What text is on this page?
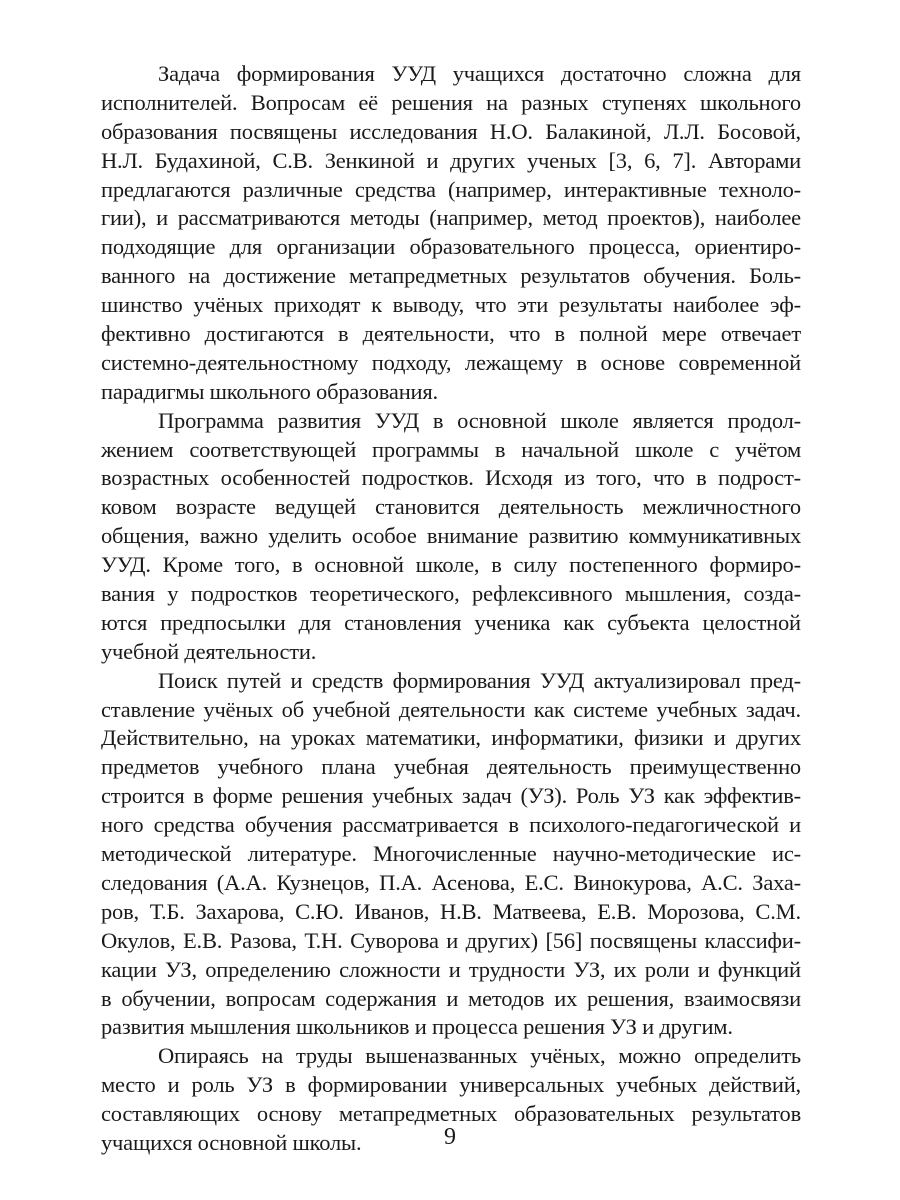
Задача формирования УУД учащихся достаточно сложна для
исполнителей. Вопросам её решения на разных ступенях школьного
образования посвящены исследования Н.О. Балакиной, Л.Л. Босовой,
Н.Л. Будахиной, С.В. Зенкиной и других ученых [3, 6, 7]. Авторами
предлагаются различные средства (например, интерактивные техноло-
гии), и рассматриваются методы (например, метод проектов), наиболее
подходящие для организации образовательного процесса, ориентиро-
ванного на достижение метапредметных результатов обучения. Боль-
шинство учёных приходят к выводу, что эти результаты наиболее эф-
фективно достигаются в деятельности, что в полной мере отвечает
системно-деятельностному подходу, лежащему в основе современной
парадигмы школьного образования.
Программа развития УУД в основной школе является продол-
жением соответствующей программы в начальной школе с учётом
возрастных особенностей подростков. Исходя из того, что в подрост-
ковом возрасте ведущей становится деятельность межличностного
общения, важно уделить особое внимание развитию коммуникативных
УУД. Кроме того, в основной школе, в силу постепенного формиро-
вания у подростков теоретического, рефлексивного мышления, созда-
ются предпосылки для становления ученика как субъекта целостной
учебной деятельности.
Поиск путей и средств формирования УУД актуализировал пред-
ставление учёных об учебной деятельности как системе учебных задач.
Действительно, на уроках математики, информатики, физики и других
предметов учебного плана учебная деятельность преимущественно
строится в форме решения учебных задач (УЗ). Роль УЗ как эффектив-
ного средства обучения рассматривается в психолого-педагогической и
методической литературе. Многочисленные научно-методические ис-
следования (А.А. Кузнецов, П.А. Асенова, Е.С. Винокурова, А.С. Заха-
ров, Т.Б. Захарова, С.Ю. Иванов, Н.В. Матвеева, Е.В. Морозова, С.М.
Окулов, Е.В. Разова, Т.Н. Суворова и других) [56] посвящены классифи-
кации УЗ, определению сложности и трудности УЗ, их роли и функций
в обучении, вопросам содержания и методов их решения, взаимосвязи
развития мышления школьников и процесса решения УЗ и другим.
Опираясь на труды вышеназванных учёных, можно определить
место и роль УЗ в формировании универсальных учебных действий,
составляющих основу метапредметных образовательных результатов
учащихся основной школы.	9
